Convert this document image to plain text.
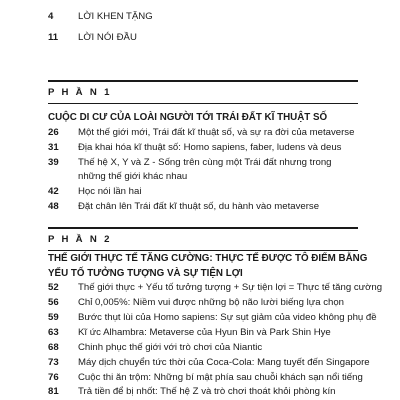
4	LỜI KHEN TẶNG
11	LỜI NÓI ĐẦU
P H Ầ N 1
CUỘC DI CƯ CỦA LOÀI NGƯỜI TỚI TRÁI ĐẤT KĨ THUẬT SỐ
26	Một thế giới mới, Trái đất kĩ thuật số, và sự ra đời của metaverse
31	Địa khai hóa kĩ thuật số: Homo sapiens, faber, ludens và deus
39	Thế hệ X, Y và Z - Sống trên cùng một Trái đất nhưng trong những thế giới khác nhau
42	Học nói lần hai
48	Đặt chân lên Trái đất kĩ thuật số, du hành vào metaverse
P H Ầ N 2
THẾ GIỚI THỰC TẾ TĂNG CƯỜNG: THỰC TẾ ĐƯỢC TÔ ĐIỂM BẰNG YẾU TỐ TƯỞNG TƯỢNG VÀ SỰ TIỆN LỢI
52	Thế giới thực + Yếu tố tưởng tượng + Sự tiện lợi = Thực tế tăng cường
56	Chỉ 0,005%: Niềm vui được những bộ não lười biếng lựa chọn
59	Bước thụt lùi của Homo sapiens: Sự sụt giảm của video không phụ đề
63	Kĩ ức Alhambra: Metaverse của Hyun Bin và Park Shin Hye
68	Chinh phục thế giới với trò chơi của Niantic
73	Máy dịch chuyển tức thời của Coca-Cola: Mang tuyết đến Singapore
76	Cuộc thi ăn trộm: Những bí mật phía sau chuỗi khách sạn nổi tiếng
81	Trả tiền để bị nhốt: Thế hệ Z và trò chơi thoát khỏi phòng kín
